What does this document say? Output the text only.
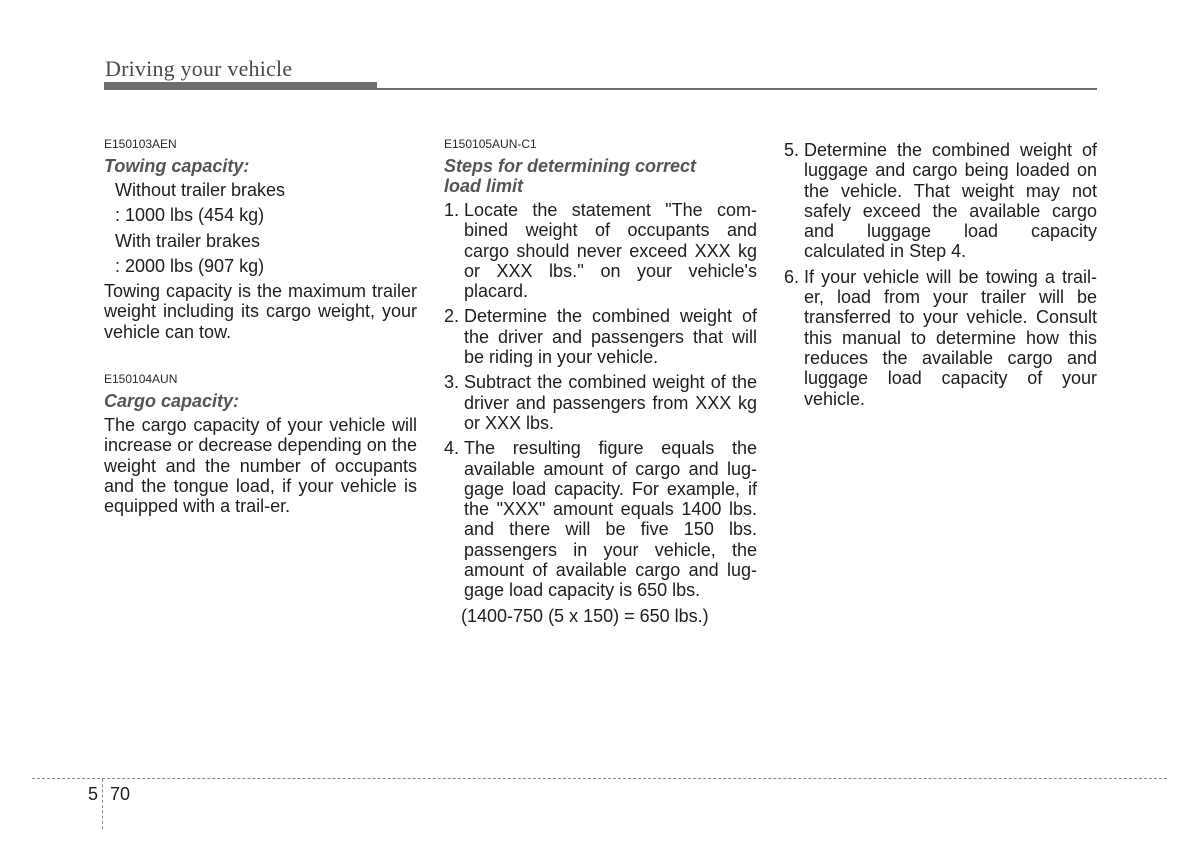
Driving your vehicle
E150103AEN
Towing capacity:
Without trailer brakes
: 1000 lbs (454 kg)
With trailer brakes
: 2000 lbs (907 kg)
Towing capacity is the maximum trailer weight including its cargo weight, your vehicle can tow.
E150104AUN
Cargo capacity:
The cargo capacity of your vehicle will increase or decrease depending on the weight and the number of occupants and the tongue load, if your vehicle is equipped with a trail-er.
E150105AUN-C1
Steps for determining correct
load limit
1. Locate the statement "The com-bined weight of occupants and cargo should never exceed XXX kg or XXX lbs.'' on your vehicle's placard.
2. Determine the combined weight of the driver and passengers that will be riding in your vehicle.
3. Subtract the combined weight of the driver and passengers from XXX kg or XXX lbs.
4. The resulting figure equals the available amount of cargo and lug-gage load capacity. For example, if the "XXX" amount equals 1400 lbs. and there will be five 150 lbs. passengers in your vehicle, the amount of available cargo and lug-gage load capacity is 650 lbs.
(1400-750 (5 x 150) = 650 lbs.)
5. Determine the combined weight of luggage and cargo being loaded on the vehicle. That weight may not safely exceed the available cargo and luggage load capacity calculated in Step 4.
6. If your vehicle will be towing a trail-er, load from your trailer will be transferred to your vehicle. Consult this manual to determine how this reduces the available cargo and luggage load capacity of your vehicle.
5 70
